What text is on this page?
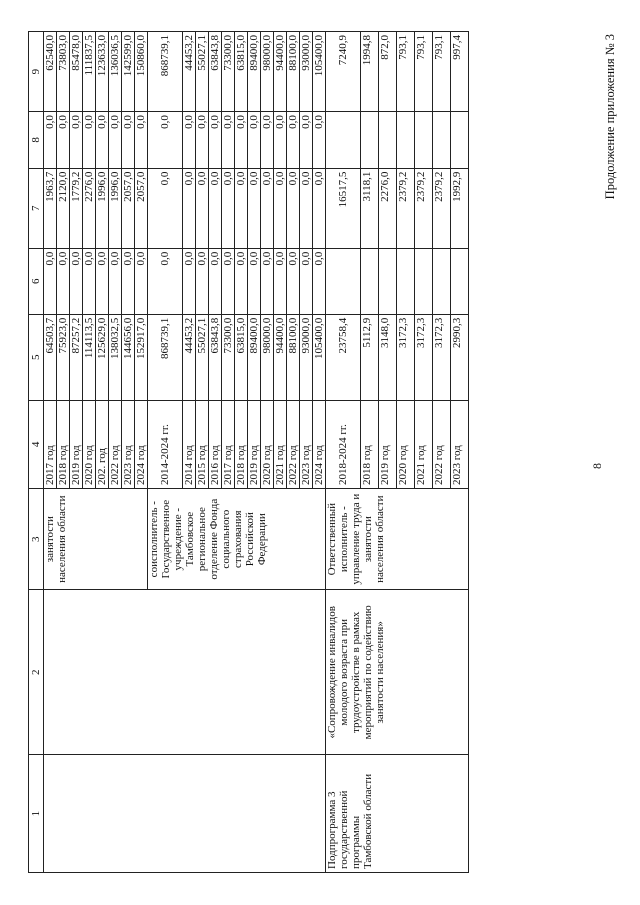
8
Продолжение приложения № 3
1	2	3	4	5	6	7	8	9
		занятости населения области	2017 год	64503,7	0,0	1963,7	0,0	62540,0
			2018 год	75923,0	0,0	2120,0	0,0	73803,0
			2019 год	87257,2	0,0	1779,2	0,0	85478,0
			2020 год	114113,5	0,0	2276,0	0,0	111837,5
			202. год	125629,0	0,0	1996,0	0,0	123633,0
			2022 год	138032,5	0,0	1996,0	0,0	136036,5
			2023 год	144656,0	0,0	2057,0	0,0	142599,0
			2024 год	152917,0	0,0	2057,0	0,0	150860,0
		соисполнитель - Государственное учреждение - Тамбовское региональное отделение Фонда социального страхования Российской Федерации	2014-2024 гг.	868739,1	0,0	0,0	0,0	868739,1
			2014 год	44453,2	0,0	0,0	0,0	44453,2
			2015 год	55027,1	0,0	0,0	0,0	55027,1
			2016 год	63843,8	0,0	0,0	0,0	63843,8
			2017 год	73300,0	0,0	0,0	0,0	73300,0
			2018 год	63815,0	0,0	0,0	0,0	63815,0
			2019 год	89400,0	0,0	0,0	0,0	89400,0
			2020 год	98000,0	0,0	0,0	0,0	98000,0
			2021 год	94400,0	0,0	0,0	0,0	94400,0
			2022 год	88100,0	0,0	0,0	0,0	88100,0
			2023 год	93000,0	0,0	0,0	0,0	93000,0
			2024 год	105400,0	0,0	0,0	0,0	105400,0
Подпрограмма 3 государственной программы Тамбовской области	«Сопровождение инвалидов молодого возраста при трудоустройстве в рамках мероприятий по содействию занятости населения»	Ответственный исполнитель - управление труда и занятости населения области	2018-2024 гг.	23758,4		16517,5		7240,9
			2018 год	5112,9		3118,1		1994,8
			2019 год	3148,0		2276,0		872,0
			2020 год	3172,3		2379,2		793,1
			2021 год	3172,3		2379,2		793,1
			2022 год	3172,3		2379,2		793,1
			2023 год	2990,3		1992,9		997,4
